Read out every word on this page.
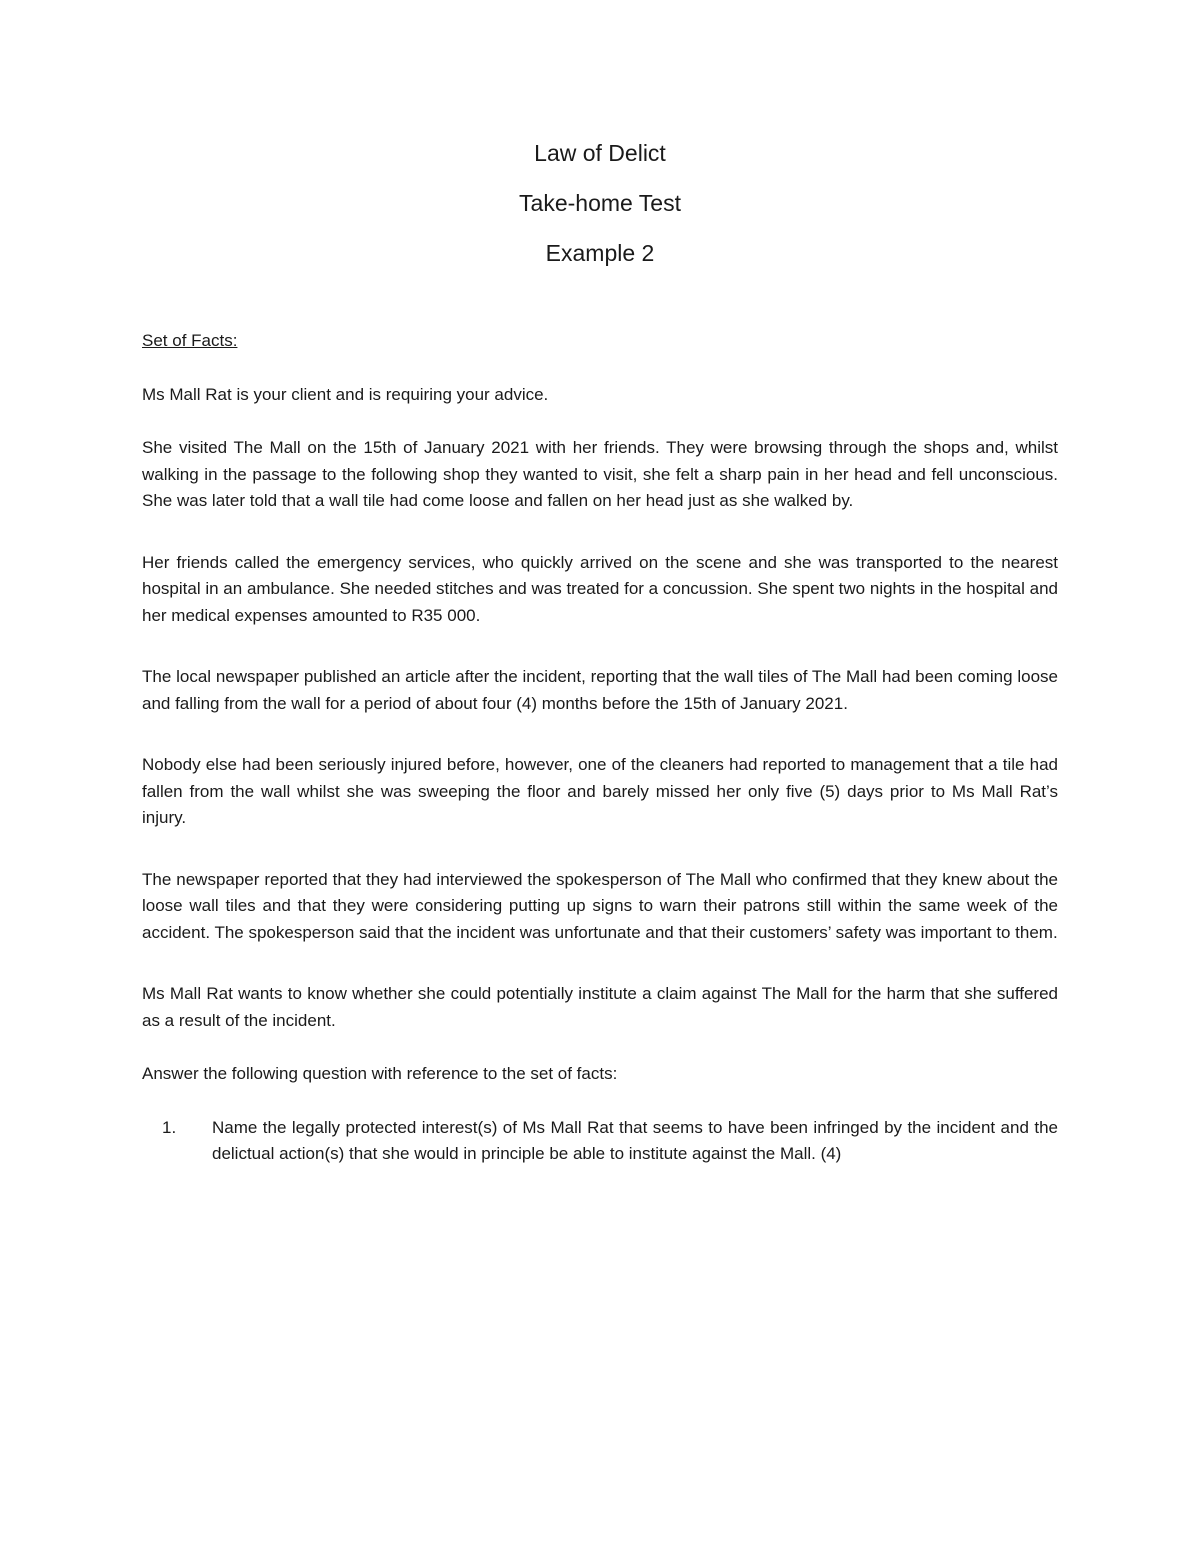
Law of Delict
Take-home Test
Example 2

Set of Facts:

Ms Mall Rat is your client and is requiring your advice.

She visited The Mall on the 15th of January 2021 with her friends. They were browsing through the shops and, whilst walking in the passage to the following shop they wanted to visit, she felt a sharp pain in her head and fell unconscious. She was later told that a wall tile had come loose and fallen on her head just as she walked by.

Her friends called the emergency services, who quickly arrived on the scene and she was transported to the nearest hospital in an ambulance. She needed stitches and was treated for a concussion. She spent two nights in the hospital and her medical expenses amounted to R35 000.

The local newspaper published an article after the incident, reporting that the wall tiles of The Mall had been coming loose and falling from the wall for a period of about four (4) months before the 15th of January 2021.

Nobody else had been seriously injured before, however, one of the cleaners had reported to management that a tile had fallen from the wall whilst she was sweeping the floor and barely missed her only five (5) days prior to Ms Mall Rat’s injury.

The newspaper reported that they had interviewed the spokesperson of The Mall who confirmed that they knew about the loose wall tiles and that they were considering putting up signs to warn their patrons still within the same week of the accident. The spokesperson said that the incident was unfortunate and that their customers’ safety was important to them.

Ms Mall Rat wants to know whether she could potentially institute a claim against The Mall for the harm that she suffered as a result of the incident.

Answer the following question with reference to the set of facts:

1. Name the legally protected interest(s) of Ms Mall Rat that seems to have been infringed by the incident and the delictual action(s) that she would in principle be able to institute against the Mall. (4)
